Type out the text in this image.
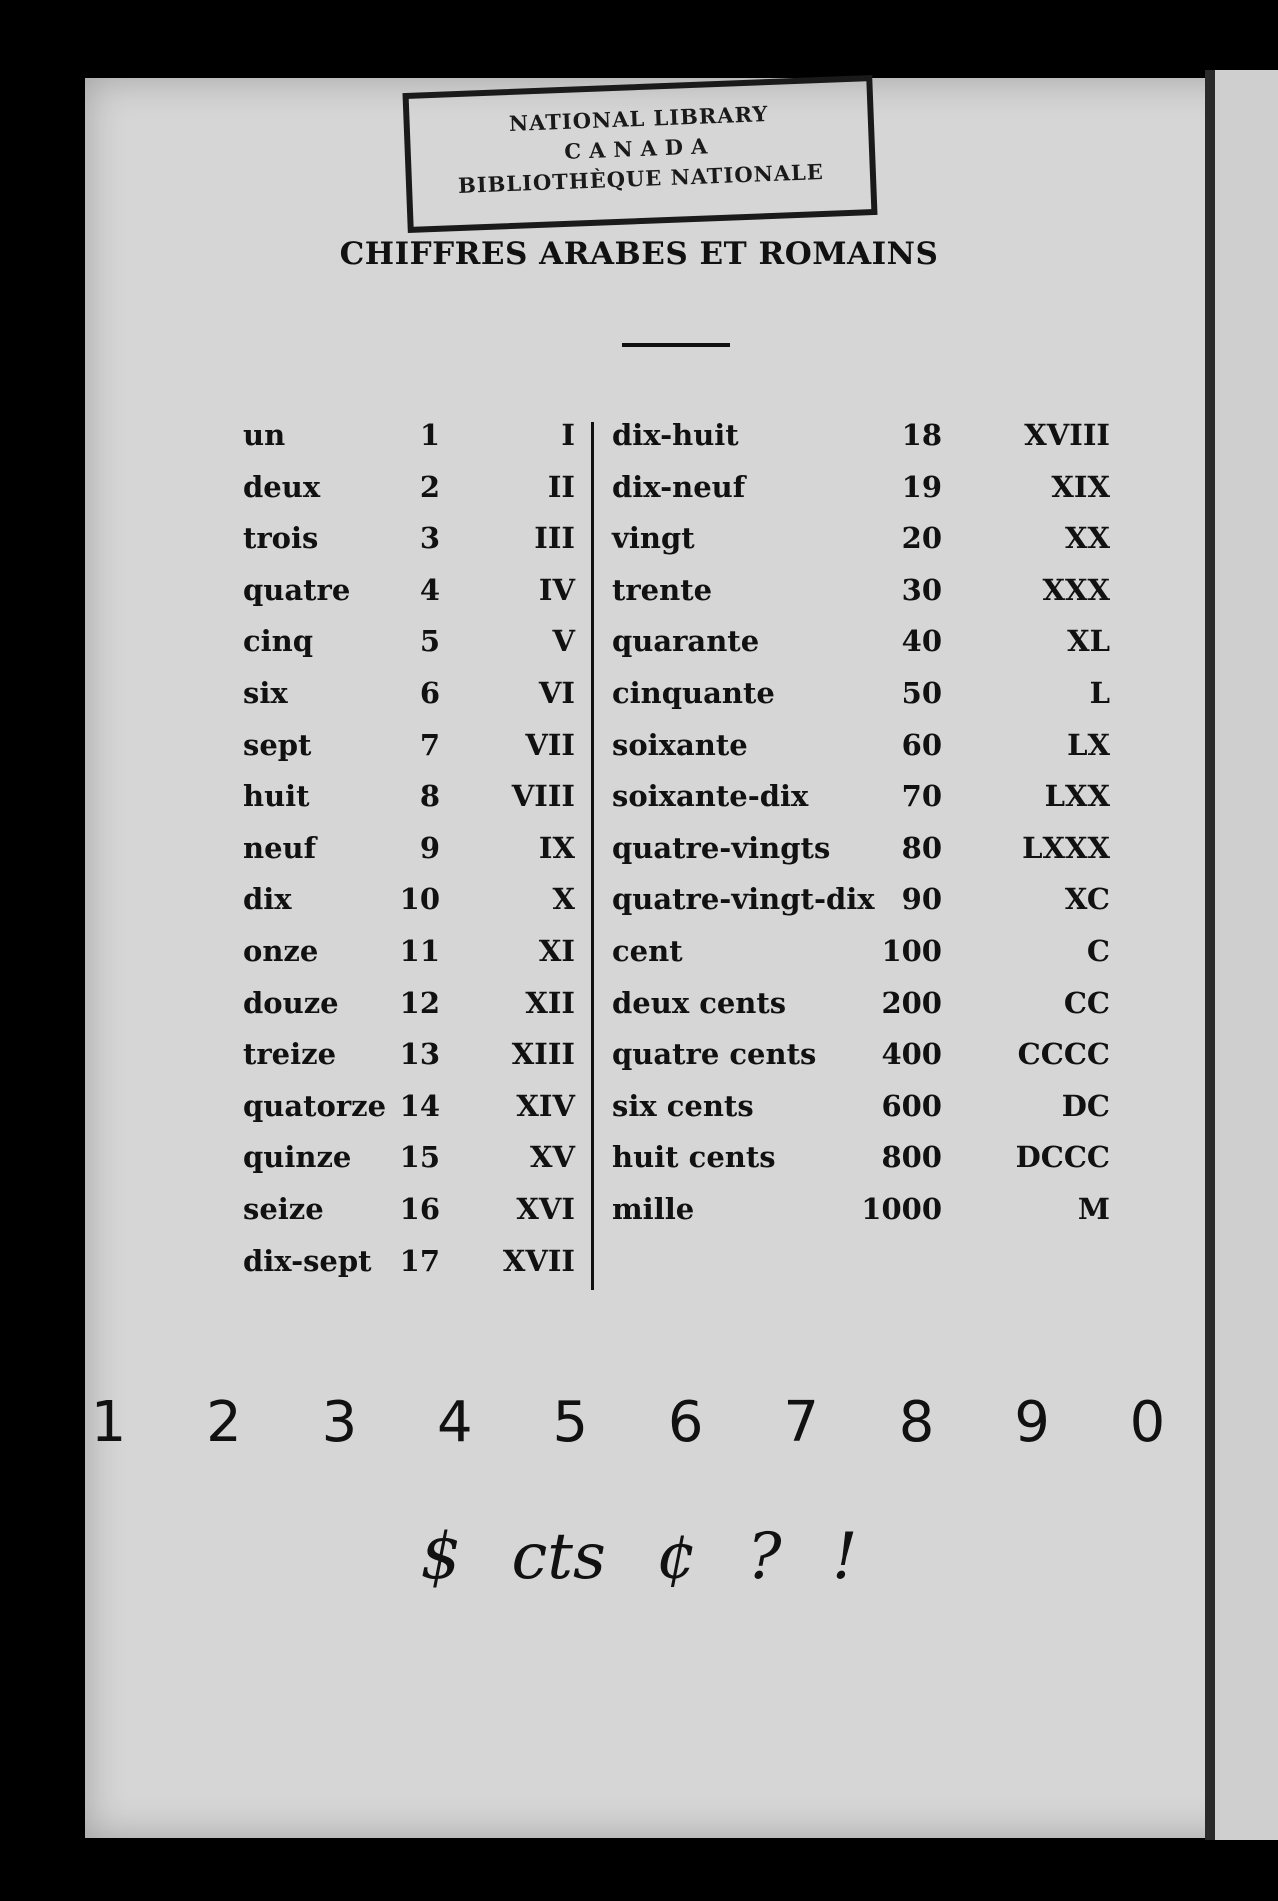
NATIONAL LIBRARY
CANADA
BIBLIOTHÈQUE NATIONALE
CHIFFRES ARABES ET ROMAINS
un	1	I
deux	2	II
trois	3	III
quatre	4	IV
cinq	5	V
six	6	VI
sept	7	VII
huit	8	VIII
neuf	9	IX
dix	10	X
onze	11	XI
douze	12	XII
treize	13	XIII
quatorze 14	XIV
quinze	15	XV
seize	16	XVI
dix-sept 17	XVII
dix-huit	18	XVIII
dix-neuf	19	XIX
vingt	20	XX
trente	30	XXX
quarante	40	XL
cinquante	50	L
soixante	60	LX
soixante-dix	70	LXX
quatre-vingts	80	LXXX
quatre-vingt-dix 90	XC
cent	100	C
deux cents	200	CC
quatre cents	400	CCCC
six cents	600	DC
huit cents	800	DCCC
mille	1000	M
1 2 3 4 5 6 7 8 9 0
$ cts ¢ ? !
